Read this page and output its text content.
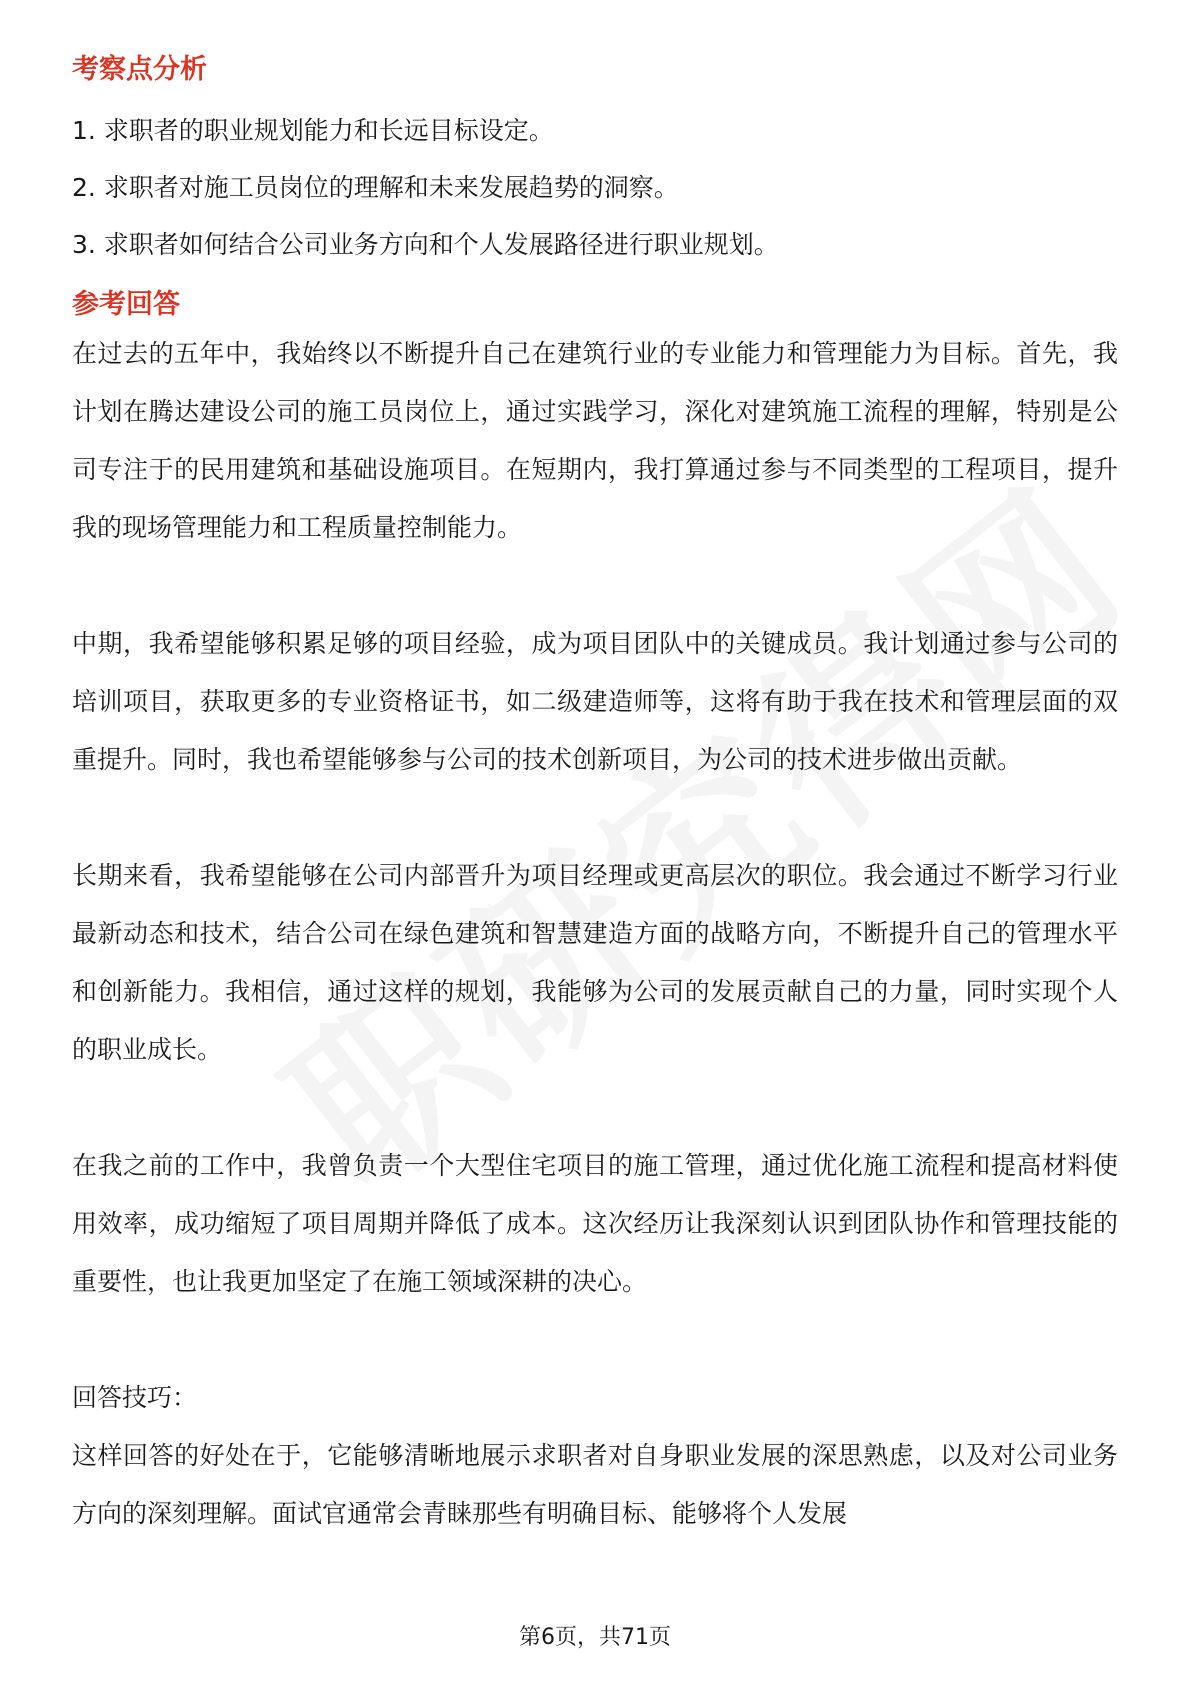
考察点分析

1. 求职者的职业规划能力和长远目标设定。

2. 求职者对施工员岗位的理解和未来发展趋势的洞察。

3. 求职者如何结合公司业务方向和个人发展路径进行职业规划。

参考回答

在过去的五年中，我始终以不断提升自己在建筑行业的专业能力和管理能力为目标。首先，我计划在腾达建设公司的施工员岗位上，通过实践学习，深化对建筑施工流程的理解，特别是公司专注于的民用建筑和基础设施项目。在短期内，我打算通过参与不同类型的工程项目，提升我的现场管理能力和工程质量控制能力。

中期，我希望能够积累足够的项目经验，成为项目团队中的关键成员。我计划通过参与公司的培训项目，获取更多的专业资格证书，如二级建造师等，这将有助于我在技术和管理层面的双重提升。同时，我也希望能够参与公司的技术创新项目，为公司的技术进步做出贡献。

长期来看，我希望能够在公司内部晋升为项目经理或更高层次的职位。我会通过不断学习行业最新动态和技术，结合公司在绿色建筑和智慧建造方面的战略方向，不断提升自己的管理水平和创新能力。我相信，通过这样的规划，我能够为公司的发展贡献自己的力量，同时实现个人的职业成长。

在我之前的工作中，我曾负责一个大型住宅项目的施工管理，通过优化施工流程和提高材料使用效率，成功缩短了项目周期并降低了成本。这次经历让我深刻认识到团队协作和管理技能的重要性，也让我更加坚定了在施工领域深耕的决心。

回答技巧：

这样回答的好处在于，它能够清晰地展示求职者对自身职业发展的深思熟虑，以及对公司业务方向的深刻理解。面试官通常会青睐那些有明确目标、能够将个人发展

第6页，共71页
